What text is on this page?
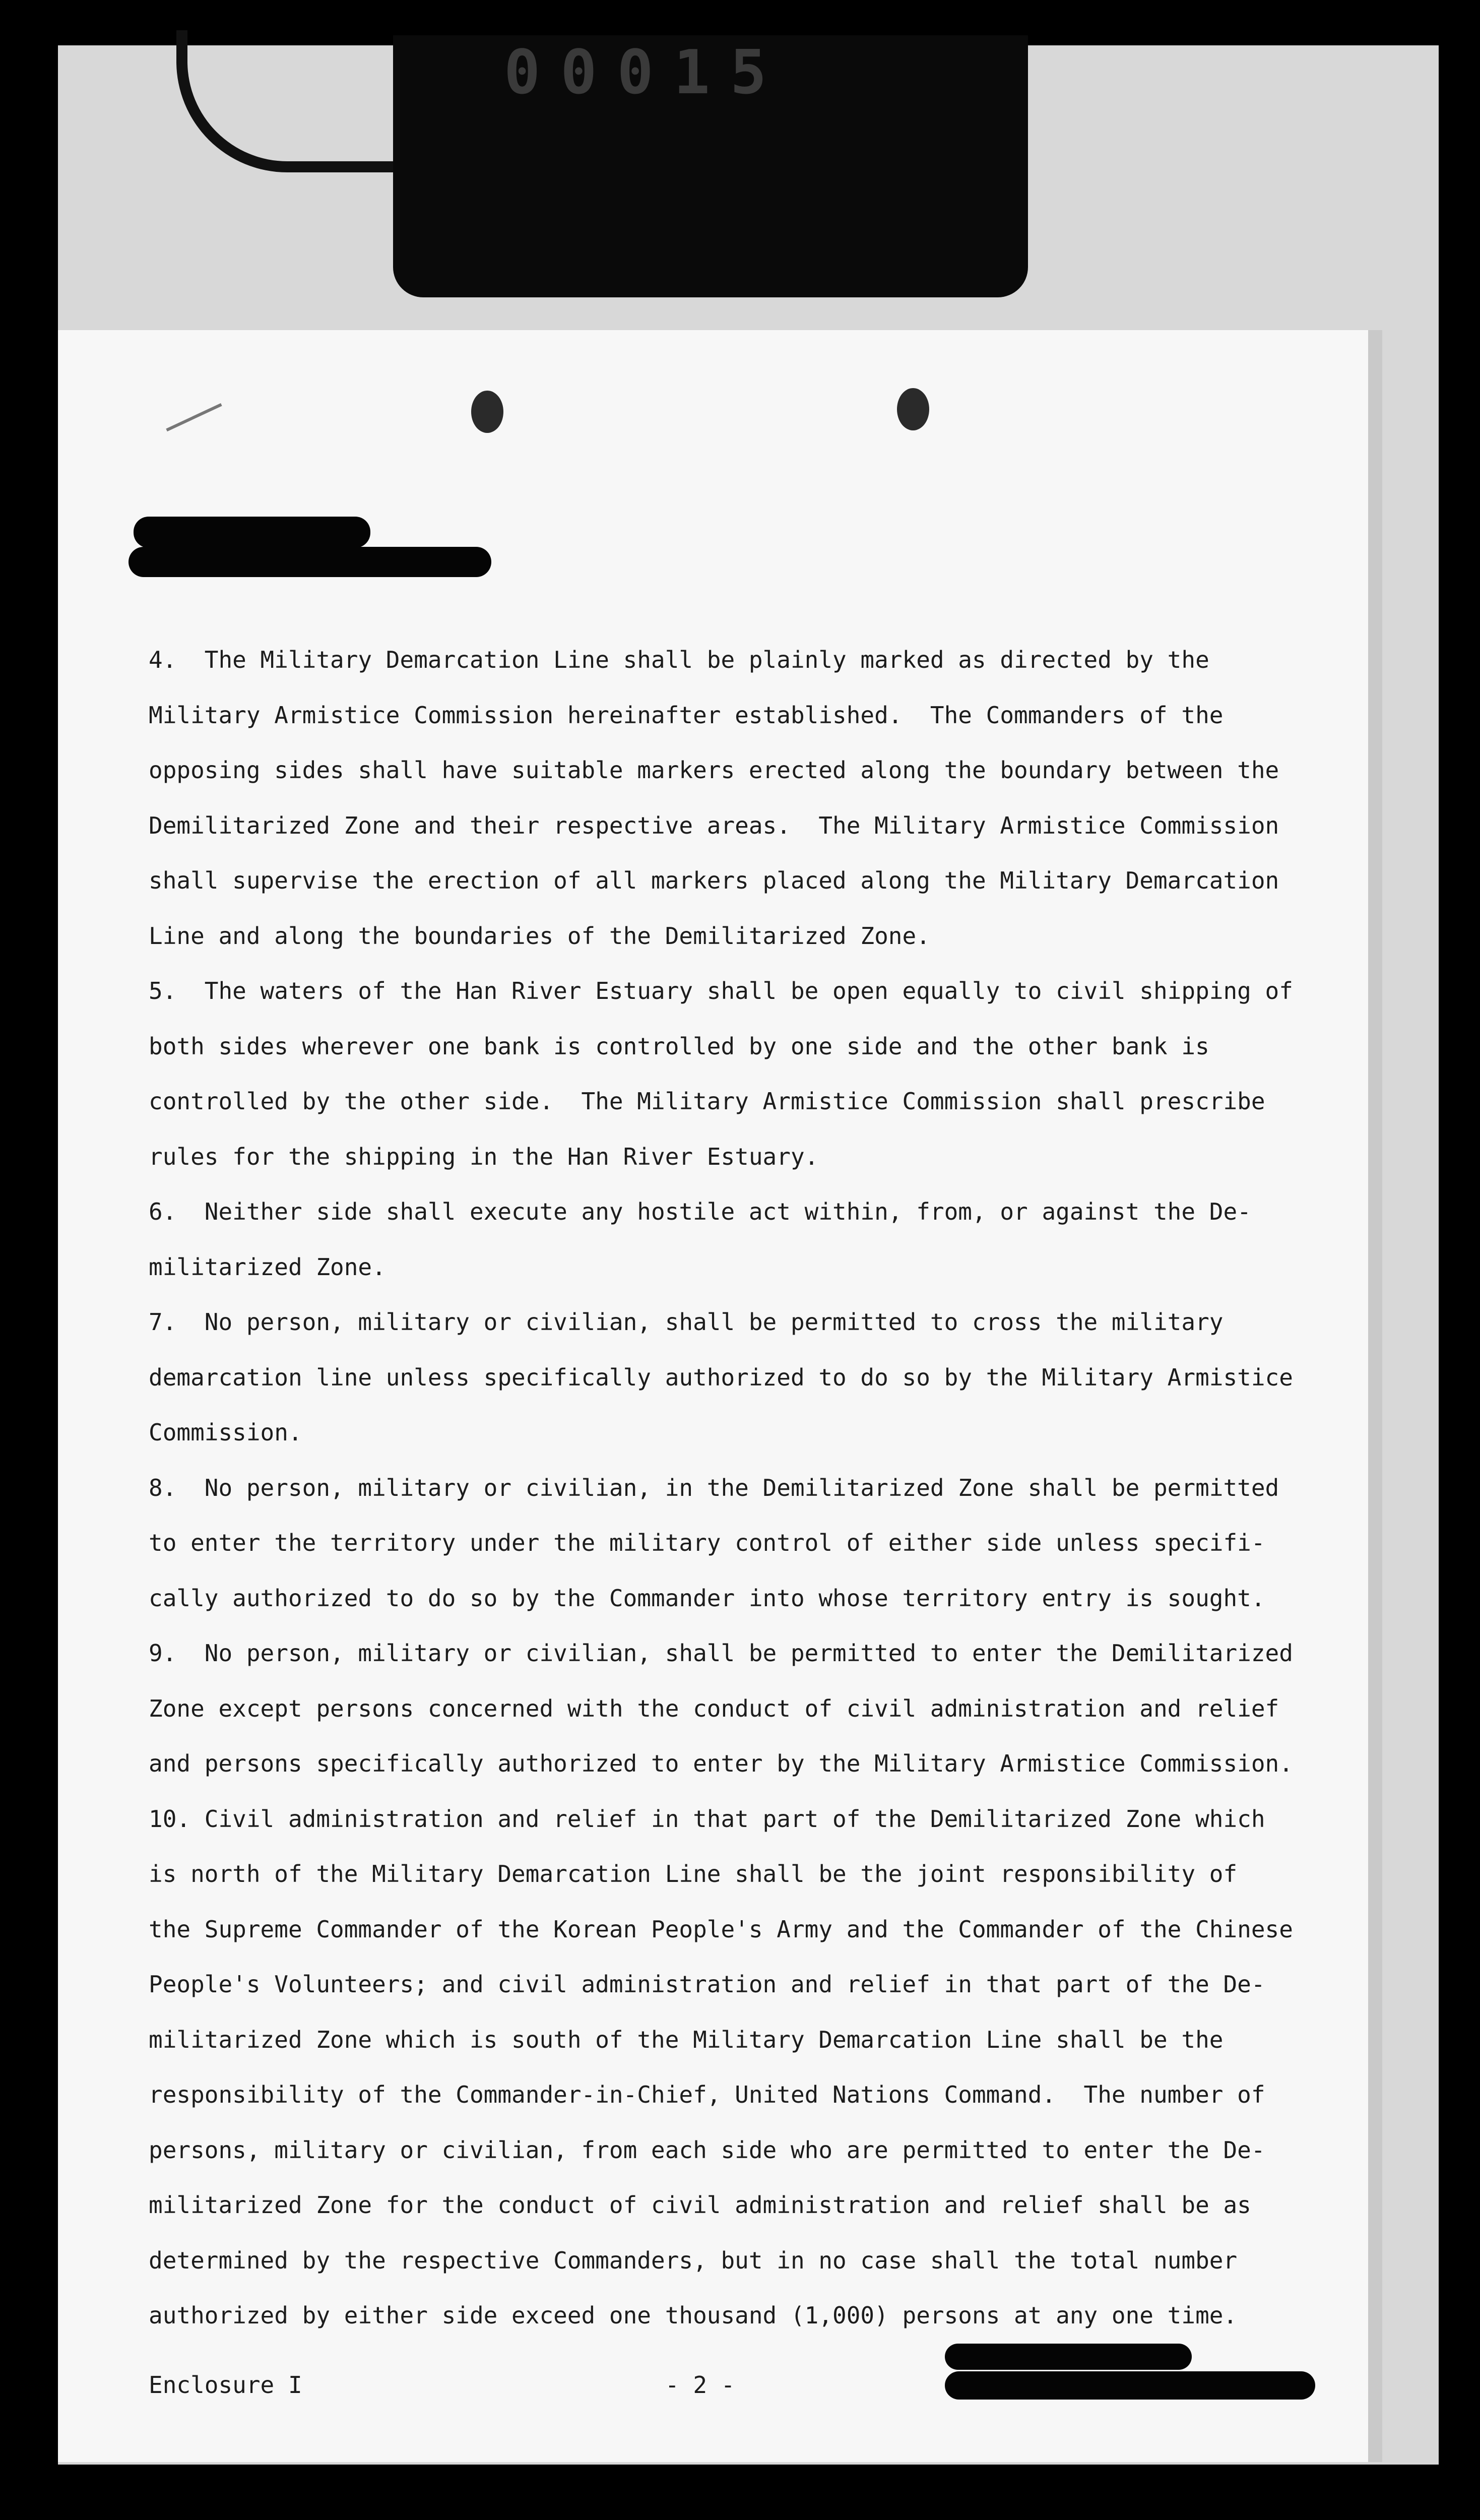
00015

4.  The Military Demarcation Line shall be plainly marked as directed by the

Military Armistice Commission hereinafter established.  The Commanders of the

opposing sides shall have suitable markers erected along the boundary between the

Demilitarized Zone and their respective areas.  The Military Armistice Commission

shall supervise the erection of all markers placed along the Military Demarcation

Line and along the boundaries of the Demilitarized Zone.

5.  The waters of the Han River Estuary shall be open equally to civil shipping of

both sides wherever one bank is controlled by one side and the other bank is

controlled by the other side.  The Military Armistice Commission shall prescribe

rules for the shipping in the Han River Estuary.

6.  Neither side shall execute any hostile act within, from, or against the De-

militarized Zone.

7.  No person, military or civilian, shall be permitted to cross the military

demarcation line unless specifically authorized to do so by the Military Armistice

Commission.

8.  No person, military or civilian, in the Demilitarized Zone shall be permitted

to enter the territory under the military control of either side unless specifi-

cally authorized to do so by the Commander into whose territory entry is sought.

9.  No person, military or civilian, shall be permitted to enter the Demilitarized

Zone except persons concerned with the conduct of civil administration and relief

and persons specifically authorized to enter by the Military Armistice Commission.

10. Civil administration and relief in that part of the Demilitarized Zone which

is north of the Military Demarcation Line shall be the joint responsibility of

the Supreme Commander of the Korean People's Army and the Commander of the Chinese

People's Volunteers; and civil administration and relief in that part of the De-

militarized Zone which is south of the Military Demarcation Line shall be the

responsibility of the Commander-in-Chief, United Nations Command.  The number of

persons, military or civilian, from each side who are permitted to enter the De-

militarized Zone for the conduct of civil administration and relief shall be as

determined by the respective Commanders, but in no case shall the total number

authorized by either side exceed one thousand (1,000) persons at any one time.

Enclosure I	- 2 -
